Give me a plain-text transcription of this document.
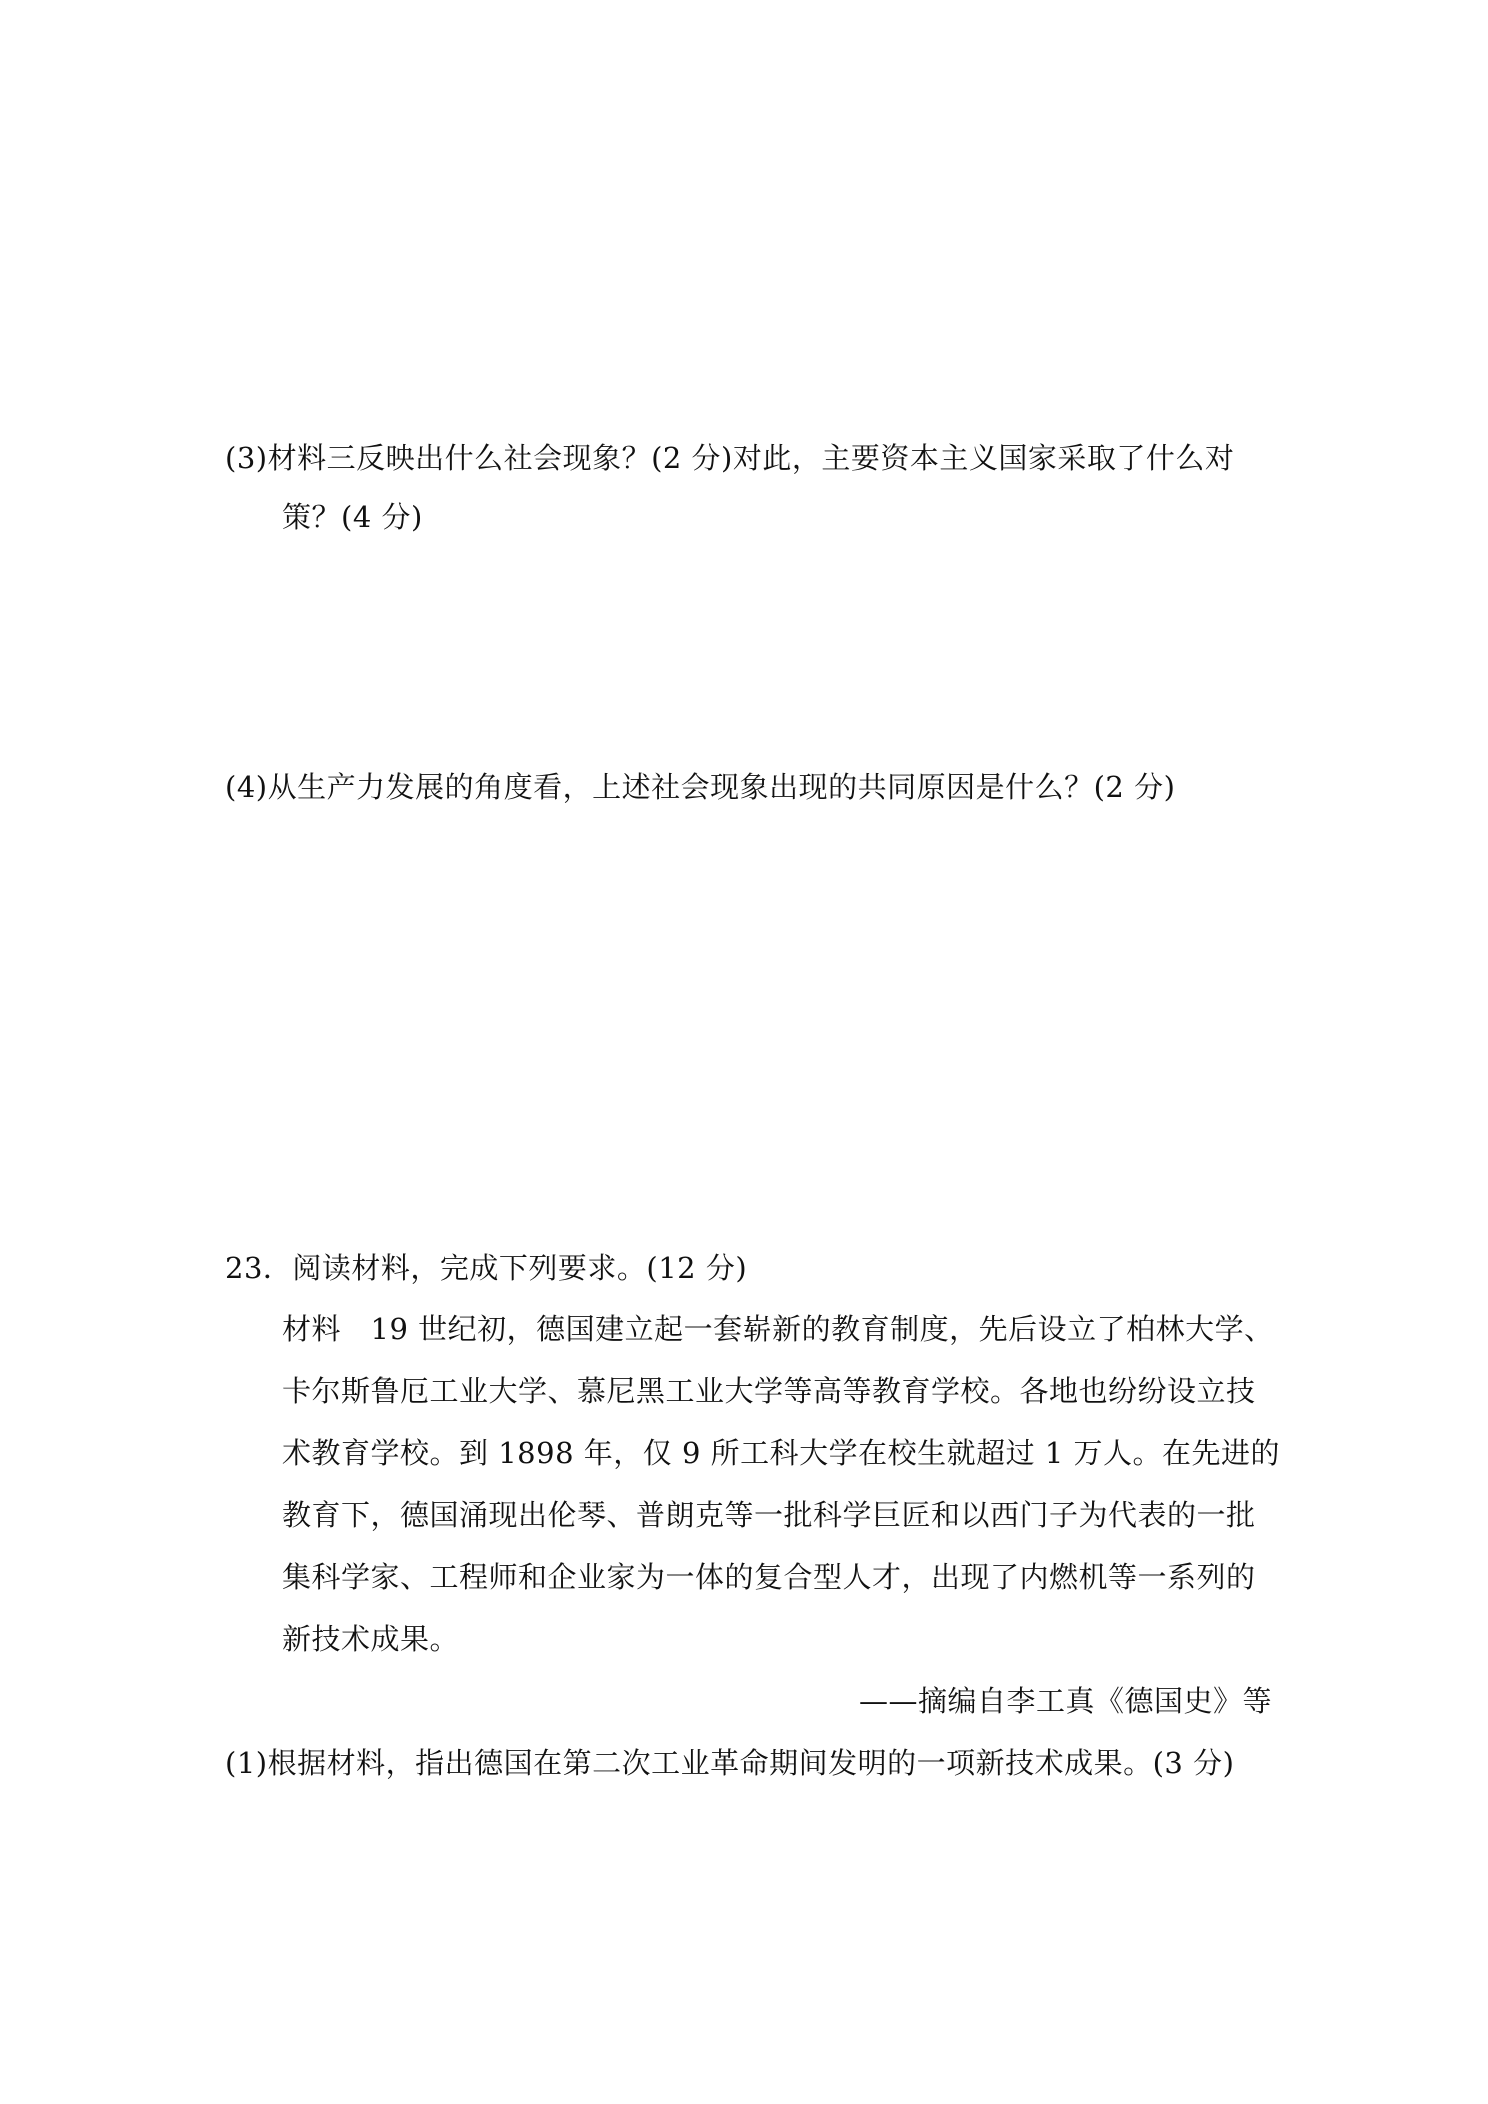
(3)材料三反映出什么社会现象？(2 分)对此，主要资本主义国家采取了什么对
策？(4 分)
(4)从生产力发展的角度看，上述社会现象出现的共同原因是什么？(2 分)
23．阅读材料，完成下列要求。(12 分)
材料　19 世纪初，德国建立起一套崭新的教育制度，先后设立了柏林大学、
卡尔斯鲁厄工业大学、慕尼黑工业大学等高等教育学校。各地也纷纷设立技
术教育学校。到 1898 年，仅 9 所工科大学在校生就超过 1 万人。在先进的
教育下，德国涌现出伦琴、普朗克等一批科学巨匠和以西门子为代表的一批
集科学家、工程师和企业家为一体的复合型人才，出现了内燃机等一系列的
新技术成果。
——摘编自李工真《德国史》等
(1)根据材料，指出德国在第二次工业革命期间发明的一项新技术成果。(3 分)
